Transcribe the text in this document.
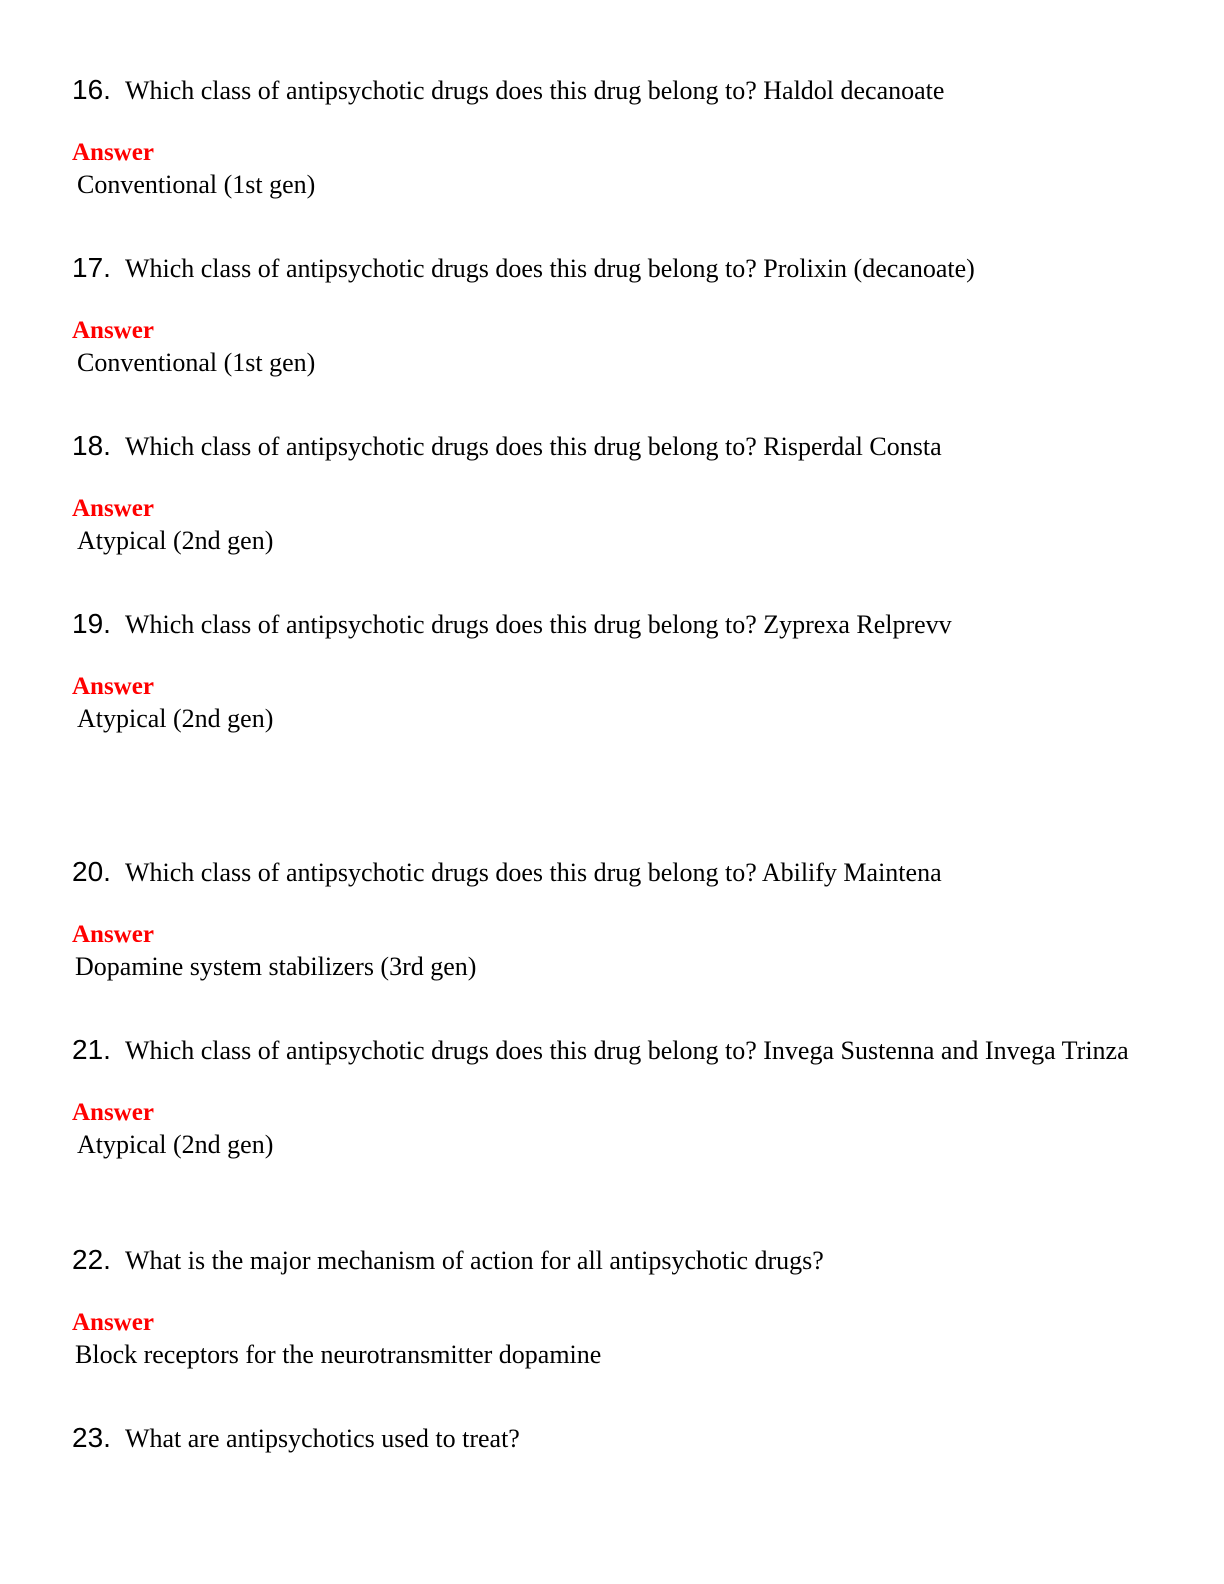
16. Which class of antipsychotic drugs does this drug belong to? Haldol decanoate

Answer
Conventional (1st gen)

17. Which class of antipsychotic drugs does this drug belong to? Prolixin (decanoate)

Answer
Conventional (1st gen)

18. Which class of antipsychotic drugs does this drug belong to? Risperdal Consta

Answer
Atypical (2nd gen)

19. Which class of antipsychotic drugs does this drug belong to? Zyprexa Relprevv

Answer
Atypical (2nd gen)

20. Which class of antipsychotic drugs does this drug belong to? Abilify Maintena

Answer
Dopamine system stabilizers (3rd gen)

21. Which class of antipsychotic drugs does this drug belong to? Invega Sustenna and Invega Trinza

Answer
Atypical (2nd gen)

22. What is the major mechanism of action for all antipsychotic drugs?

Answer
Block receptors for the neurotransmitter dopamine

23. What are antipsychotics used to treat?
